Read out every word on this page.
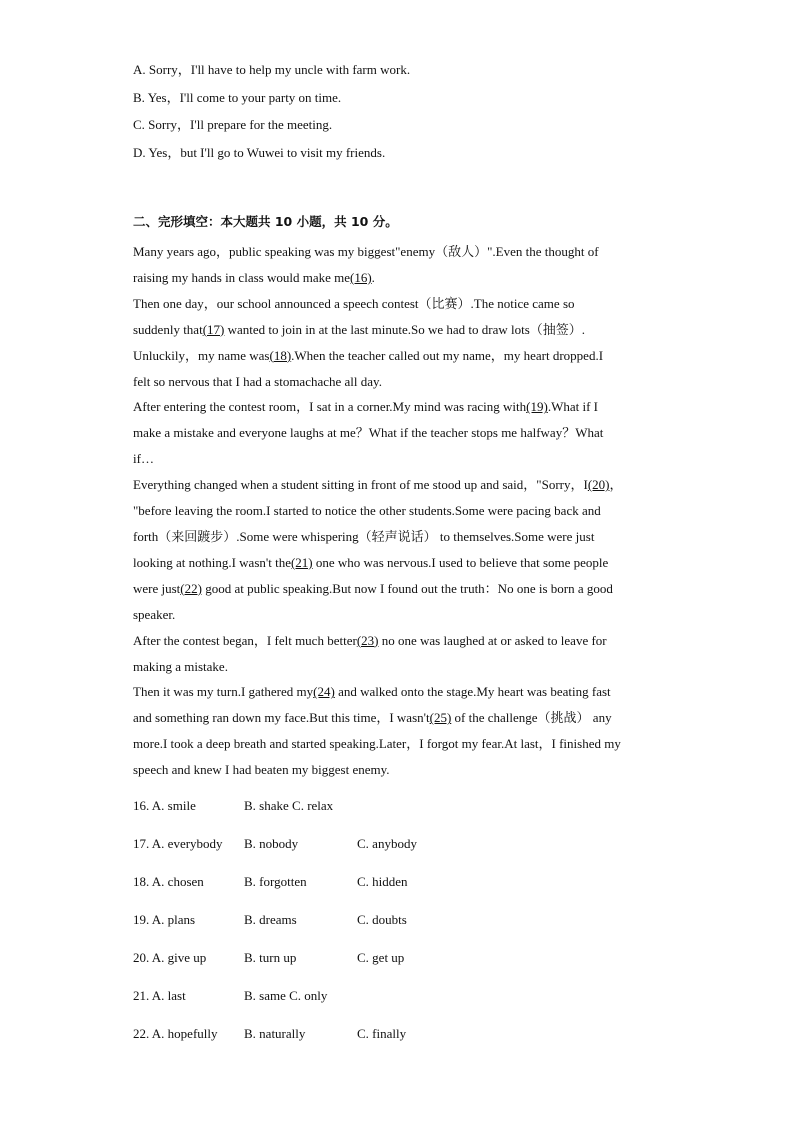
A. Sorry，I'll have to help my uncle with farm work.
B. Yes，I'll come to your party on time.
C. Sorry，I'll prepare for the meeting.
D. Yes，but I'll go to Wuwei to visit my friends.
二、完形填空：本大题共 10 小题，共 10 分。
Many years ago，public speaking was my biggest"enemy（敌人）".Even the thought of
raising my hands in class would make me(16).
Then one day，our school announced a speech contest（比赛）.The notice came so
suddenly that(17) wanted to join in at the last minute.So we had to draw lots（抽签）.
Unluckily，my name was(18).When the teacher called out my name，my heart dropped.I
felt so nervous that I had a stomachache all day.
After entering the contest room，I sat in a corner.My mind was racing with(19).What if I
make a mistake and everyone laughs at me？What if the teacher stops me halfway？What
if…
Everything changed when a student sitting in front of me stood up and said，"Sorry，I(20)，
"before leaving the room.I started to notice the other students.Some were pacing back and
forth（来回踱步）.Some were whispering（轻声说话） to themselves.Some were just
looking at nothing.I wasn't the(21) one who was nervous.I used to believe that some people
were just(22) good at public speaking.But now I found out the truth：No one is born a good
speaker.
After the contest began，I felt much better(23) no one was laughed at or asked to leave for
making a mistake.
Then it was my turn.I gathered my(24) and walked onto the stage.My heart was beating fast
and something ran down my face.But this time，I wasn't(25) of the challenge（挑战） any
more.I took a deep breath and started speaking.Later，I forgot my fear.At last，I finished my
speech and knew I had beaten my biggest enemy.
16. A. smile	B. shake C. relax
17. A. everybody B. nobody	C. anybody
18. A. chosen	B. forgotten	C. hidden
19. A. plans	B. dreams	C. doubts
20. A. give up	B. turn up	C. get up
21. A. last	B. same C. only
22. A. hopefully B. naturally	C. finally
